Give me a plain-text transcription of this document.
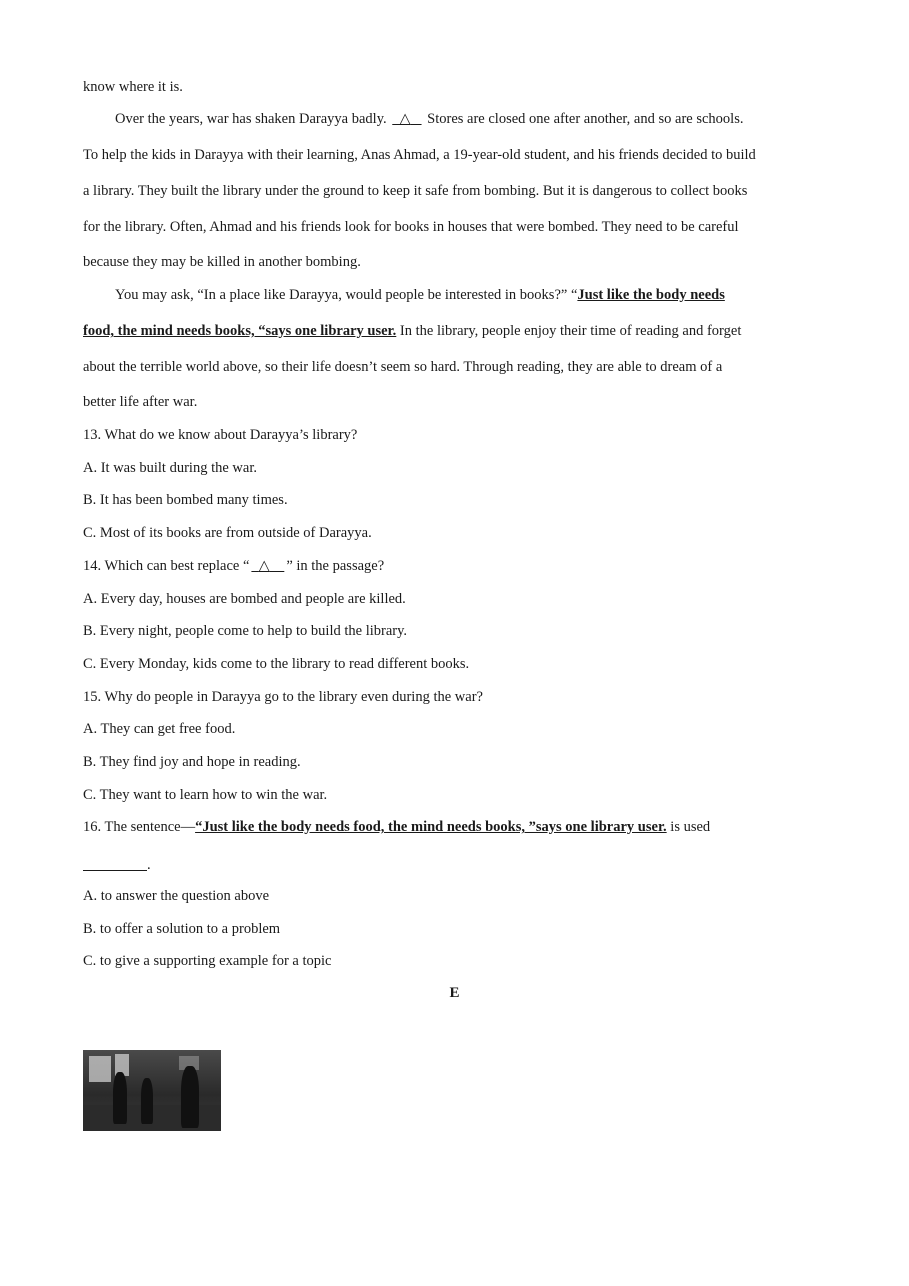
know where it is.
Over the years, war has shaken Darayya badly. △    Stores are closed one after another, and so are schools.
To help the kids in Darayya with their learning, Anas Ahmad, a 19-year-old student, and his friends decided to build
a library. They built the library under the ground to keep it safe from bombing. But it is dangerous to collect books
for the library. Often, Ahmad and his friends look for books in houses that were bombed. They need to be careful
because they may be killed in another bombing.
You may ask, “In a place like Darayya, would people be interested in books?” “Just like the body needs
food, the mind needs books, “says one library user. In the library, people enjoy their time of reading and forget
about the terrible world above, so their life doesn’t seem so hard. Through reading, they are able to dream of a
better life after war.
13. What do we know about Darayya’s library?
A. It was built during the war.
B. It has been bombed many times.
C. Most of its books are from outside of Darayya.
14. Which can best replace “ △ ” in the passage?
A. Every day, houses are bombed and people are killed.
B. Every night, people come to help to build the library.
C. Every Monday, kids come to the library to read different books.
15. Why do people in Darayya go to the library even during the war?
A. They can get free food.
B. They find joy and hope in reading.
C. They want to learn how to win the war.
16. The sentence—“Just like the body needs food, the mind needs books, ”says one library user. is used
.
A. to answer the question above
B. to offer a solution to a problem
C. to give a supporting example for a topic
E
